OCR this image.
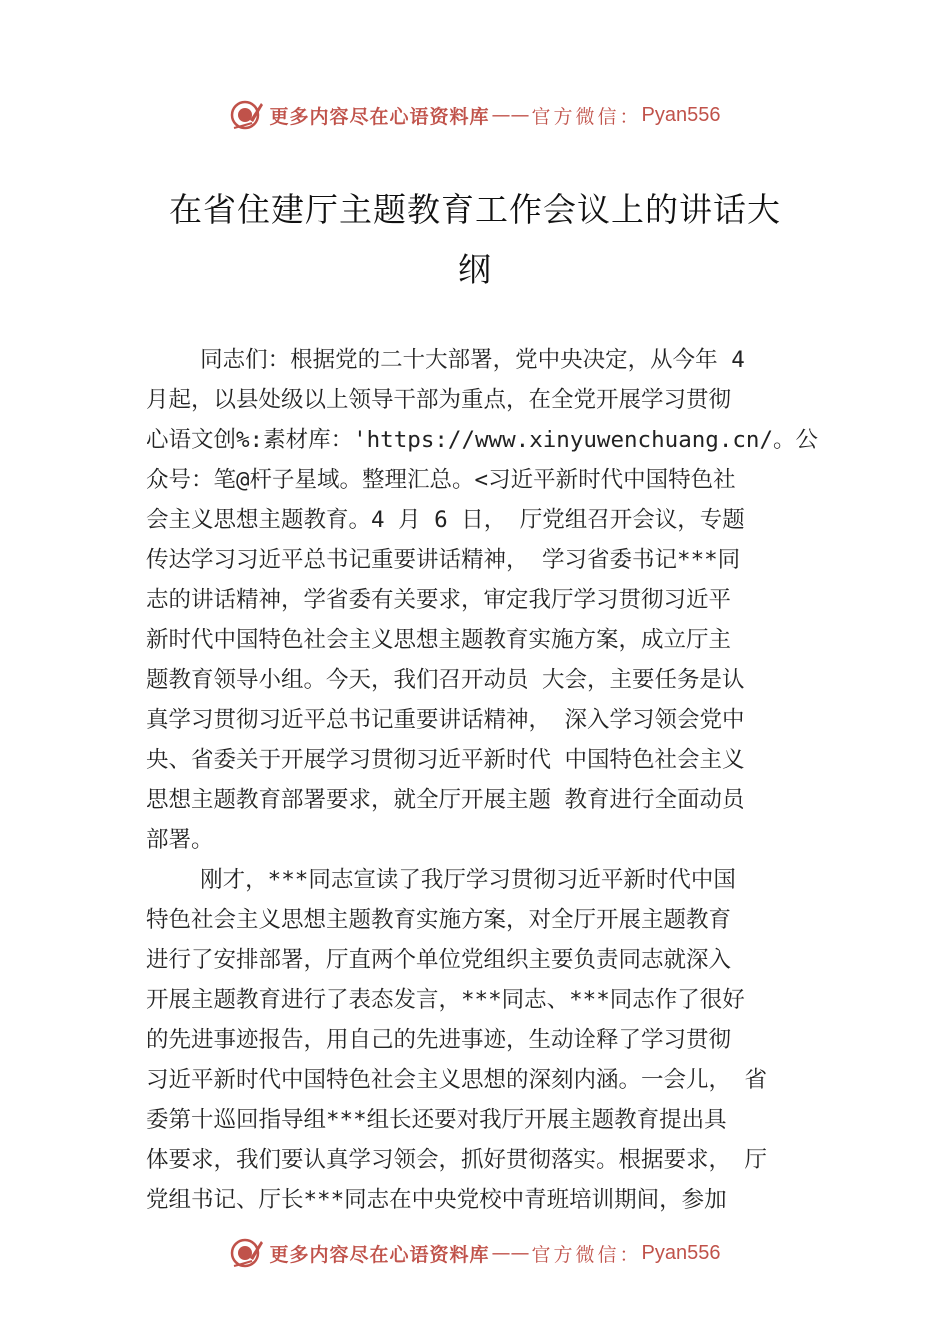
更多内容尽在心语资料库 —— 官方微信： Pyan556
在省住建厅主题教育工作会议上的讲话大
纲
同志们：根据党的二十大部署，党中央决定，从今年 4
月起，以县处级以上领导干部为重点，在全党开展学习贯彻
心语文创%:素材库：'https://www.xinyuwenchuang.cn/。公
众号：笔@杆子星域。整理汇总。<习近平新时代中国特色社
会主义思想主题教育。4 月 6 日， 厅党组召开会议，专题
传达学习习近平总书记重要讲话精神， 学习省委书记***同
志的讲话精神，学省委有关要求，审定我厅学习贯彻习近平
新时代中国特色社会主义思想主题教育实施方案，成立厅主
题教育领导小组。今天，我们召开动员 大会，主要任务是认
真学习贯彻习近平总书记重要讲话精神， 深入学习领会党中
央、省委关于开展学习贯彻习近平新时代 中国特色社会主义
思想主题教育部署要求，就全厅开展主题 教育进行全面动员
部署。
刚才，***同志宣读了我厅学习贯彻习近平新时代中国
特色社会主义思想主题教育实施方案，对全厅开展主题教育
进行了安排部署，厅直两个单位党组织主要负责同志就深入
开展主题教育进行了表态发言，***同志、***同志作了很好
的先进事迹报告，用自己的先进事迹，生动诠释了学习贯彻
习近平新时代中国特色社会主义思想的深刻内涵。一会儿， 省
委第十巡回指导组***组长还要对我厅开展主题教育提出具
体要求，我们要认真学习领会，抓好贯彻落实。根据要求， 厅
党组书记、厅长***同志在中央党校中青班培训期间，参加
更多内容尽在心语资料库 —— 官方微信： Pyan556
